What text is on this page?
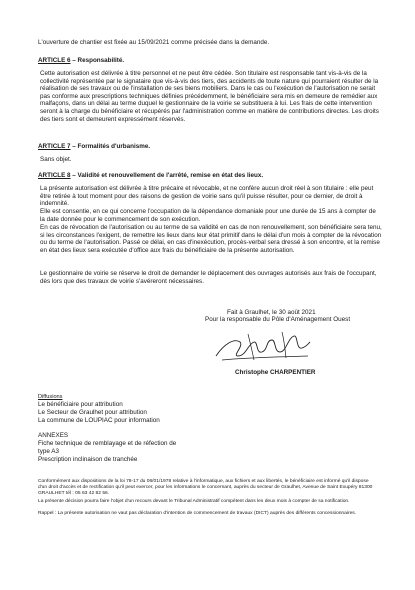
L'ouverture de chantier est fixée au 15/09/2021 comme précisée dans la demande.
ARTICLE 6 – Responsabilité.
Cette autorisation est délivrée à titre personnel et ne peut être cédée. Son titulaire est responsable tant vis-à-vis de la collectivité représentée par le signataire que vis-à-vis des tiers, des accidents de toute nature qui pourraient résulter de la réalisation de ses travaux ou de l'installation de ses biens mobiliers. Dans le cas ou l'exécution de l'autorisation ne serait pas conforme aux prescriptions techniques définies précédemment, le bénéficiaire sera mis en demeure de remédier aux malfaçons, dans un délai au terme duquel le gestionnaire de la voirie se substituera à lui. Les frais de cette intervention seront à la charge du bénéficiaire et récupérés par l'administration comme en matière de contributions directes. Les droits des tiers sont et demeurent expressément réservés.
ARTICLE 7 – Formalités d'urbanisme.
Sans objet.
ARTICLE 8 – Validité et renouvellement de l'arrêté, remise en état des lieux.
La présente autorisation est délivrée à titre précaire et révocable, et ne confère aucun droit réel à son titulaire : elle peut être retirée à tout moment pour des raisons de gestion de voirie sans qu'il puisse résulter, pour ce dernier, de droit à indemnité.
Elle est consentie, en ce qui concerne l'occupation de la dépendance domaniale pour une durée de 15 ans à compter de la date donnée pour le commencement de son exécution.
En cas de révocation de l'autorisation ou au terme de sa validité en cas de non renouvellement, son bénéficiaire sera tenu, si les circonstances l'exigent, de remettre les lieux dans leur état primitif dans le délai d'un mois à compter de la révocation ou du terme de l'autorisation. Passé ce délai, en cas d'inexécution, procès-verbal sera dressé à son encontre, et la remise en état des lieux sera exécutée d'office aux frais du bénéficiaire de la présente autorisation.
Le gestionnaire de voirie se réserve le droit de demander le déplacement des ouvrages autorisés aux frais de l'occupant, dès lors que des travaux de voirie s'avéreront nécessaires.
Fait à Graulhet, le 30 août 2021
Pour la responsable du Pôle d'Aménagement Ouest
Christophe CHARPENTIER
Diffusions
Le bénéficiaire pour attribution
Le Secteur de Graulhet pour attribution
La commune de LOUPIAC pour information
ANNEXES
Fiche technique de remblayage et de réfection de
type A3
Prescription inclinaison de tranchée
Conformément aux dispositions de la loi 78-17 du 06/01/1978 relative à l'informatique, aux fichiers et aux libertés, le bénéficiaire est informé qu'il dispose d'un droit d'accès et de rectification qu'il peut exercer, pour les informations le concernant, auprès du secteur de Graulhet, Avenue de Saint Exupéry 81300 GRAULHET tél : 05 63 42 82 56.
La présente décision pourra faire l'objet d'un recours devant le Tribunal Administratif compétent dans les deux mois à compter de sa notification.
Rappel : La présente autorisation ne vaut pas déclaration d'intention de commencement de travaux (DICT) auprès des différents concessionnaires.
